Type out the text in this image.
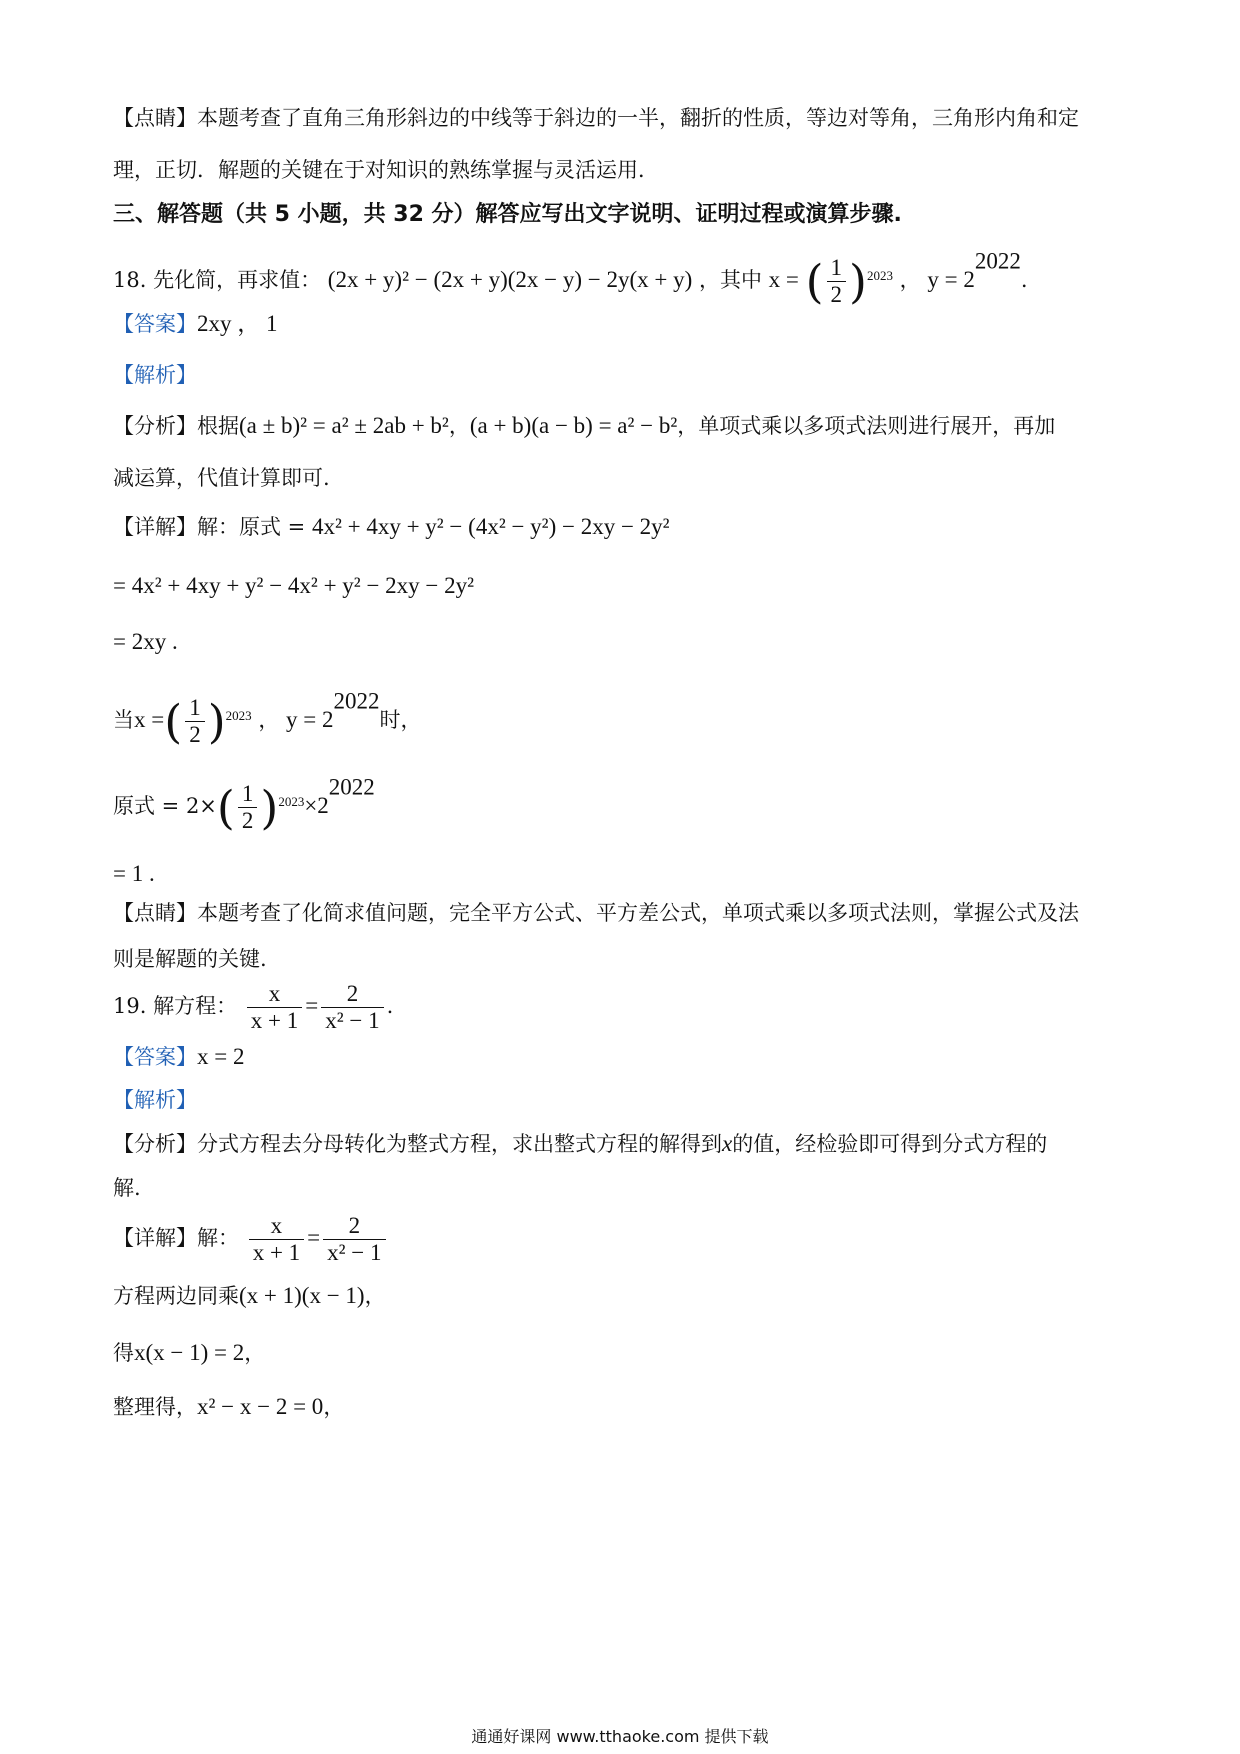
【点睛】本题考查了直角三角形斜边的中线等于斜边的一半，翻折的性质，等边对等角，三角形内角和定
理，正切．解题的关键在于对知识的熟练掌握与灵活运用．
三、解答题（共 5 小题，共 32 分）解答应写出文字说明、证明过程或演算步骤.
18. 先化简，再求值： (2x + y)² − (2x + y)(2x − y) − 2y(x + y) ，其中 x = ( $\frac{1}{2} )2023$ ， $y = 2^{2022}$.
【答案】2xy ， 1
【解析】
【分析】根据(a ± b)² = a² ± 2ab + b²，(a + b)(a − b) = a² − b²，单项式乘以多项式法则进行展开，再加
减运算，代值计算即可.
【详解】解：原式 = 4x² + 4xy + y² − (4x² − y²) − 2xy − 2y²
= 4x² + 4xy + y² − 4x² + y² − 2xy − 2y²
= 2xy .
当x =( $\frac{1}{2} )2023$ ， $y = 2^{2022}$时，
原式 = $2\times( \frac{1}{2} )2023\times 2^{2022}$
= 1 .
【点睛】本题考查了化简求值问题，完全平方公式、平方差公式，单项式乘以多项式法则，掌握公式及法
则是解题的关键.
19. 解方程： $\frac{x}{x + 1} = \frac{2}{\text{x² − 1}}$ .
【答案】x = 2
【解析】
【分析】分式方程去分母转化为整式方程，求出整式方程的解得到x的值，经检验即可得到分式方程的
解.
【详解】解： $\frac{x}{x + 1} = \frac{2}{\text{x² − 1}}$
方程两边同乘(x + 1)(x − 1)，
得x(x − 1) = 2，
整理得，x² − x − 2 = 0，
通通好课网 www.tthaoke.com 提供下载
